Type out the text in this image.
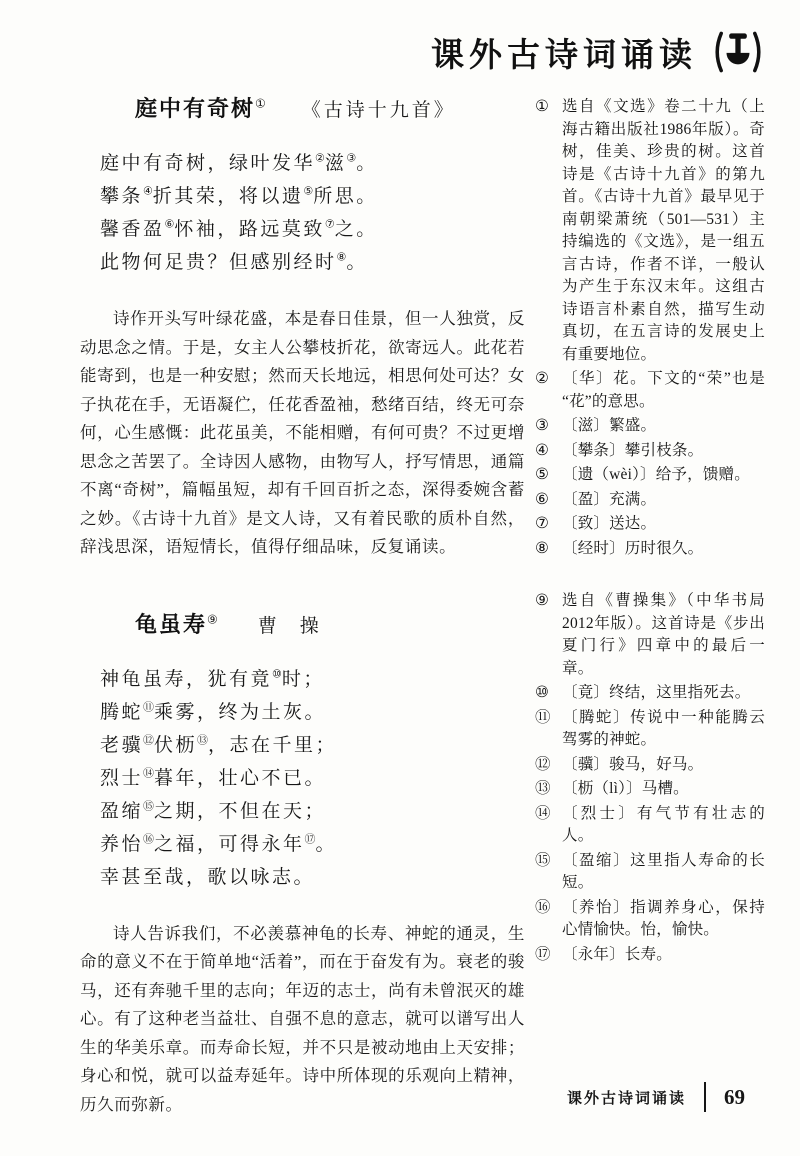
课外古诗词诵读
庭中有奇树① 《古诗十九首》
庭中有奇树，绿叶发华②滋③。
攀条④折其荣，将以遗⑤所思。
馨香盈⑥怀袖，路远莫致⑦之。
此物何足贵？但感别经时⑧。

诗作开头写叶绿花盛，本是春日佳景，但一人独赏，反动思念之情。于是，女主人公攀枝折花，欲寄远人。此花若能寄到，也是一种安慰；然而天长地远，相思何处可达？女子执花在手，无语凝伫，任花香盈袖，愁绪百结，终无可奈何，心生感慨：此花虽美，不能相赠，有何可贵？不过更增思念之苦罢了。全诗因人感物，由物写人，抒写情思，通篇不离“奇树”，篇幅虽短，却有千回百折之态，深得委婉含蓄之妙。《古诗十九首》是文人诗，又有着民歌的质朴自然，辞浅思深，语短情长，值得仔细品味，反复诵读。

龟虽寿⑨ 曹　操
神龟虽寿，犹有竟⑩时；
腾蛇⑪乘雾，终为土灰。
老骥⑫伏枥⑬，志在千里；
烈士⑭暮年，壮心不已。
盈缩⑮之期，不但在天；
养怡⑯之福，可得永年⑰。
幸甚至哉，歌以咏志。

诗人告诉我们，不必羡慕神龟的长寿、神蛇的通灵，生命的意义不在于简单地“活着”，而在于奋发有为。衰老的骏马，还有奔驰千里的志向；年迈的志士，尚有未曾泯灭的雄心。有了这种老当益壮、自强不息的意志，就可以谱写出人生的华美乐章。而寿命长短，并不只是被动地由上天安排；身心和悦，就可以益寿延年。诗中所体现的乐观向上精神，历久而弥新。

① 选自《文选》卷二十九（上海古籍出版社1986年版）。奇树，佳美、珍贵的树。这首诗是《古诗十九首》的第九首。《古诗十九首》最早见于南朝梁萧统（501—531）主持编选的《文选》，是一组五言古诗，作者不详，一般认为产生于东汉末年。这组古诗语言朴素自然，描写生动真切，在五言诗的发展史上有重要地位。
② 〔华〕花。下文的“荣”也是“花”的意思。
③ 〔滋〕繁盛。
④ 〔攀条〕攀引枝条。
⑤ 〔遗（wèi）〕给予，馈赠。
⑥ 〔盈〕充满。
⑦ 〔致〕送达。
⑧ 〔经时〕历时很久。
⑨ 选自《曹操集》（中华书局2012年版）。这首诗是《步出夏门行》四章中的最后一章。
⑩ 〔竟〕终结，这里指死去。
⑪ 〔腾蛇〕传说中一种能腾云驾雾的神蛇。
⑫ 〔骥〕骏马，好马。
⑬ 〔枥（lì）〕马槽。
⑭ 〔烈士〕有气节有壮志的人。
⑮ 〔盈缩〕这里指人寿命的长短。
⑯ 〔养怡〕指调养身心，保持心情愉快。怡，愉快。
⑰ 〔永年〕长寿。
课外古诗词诵读 69
